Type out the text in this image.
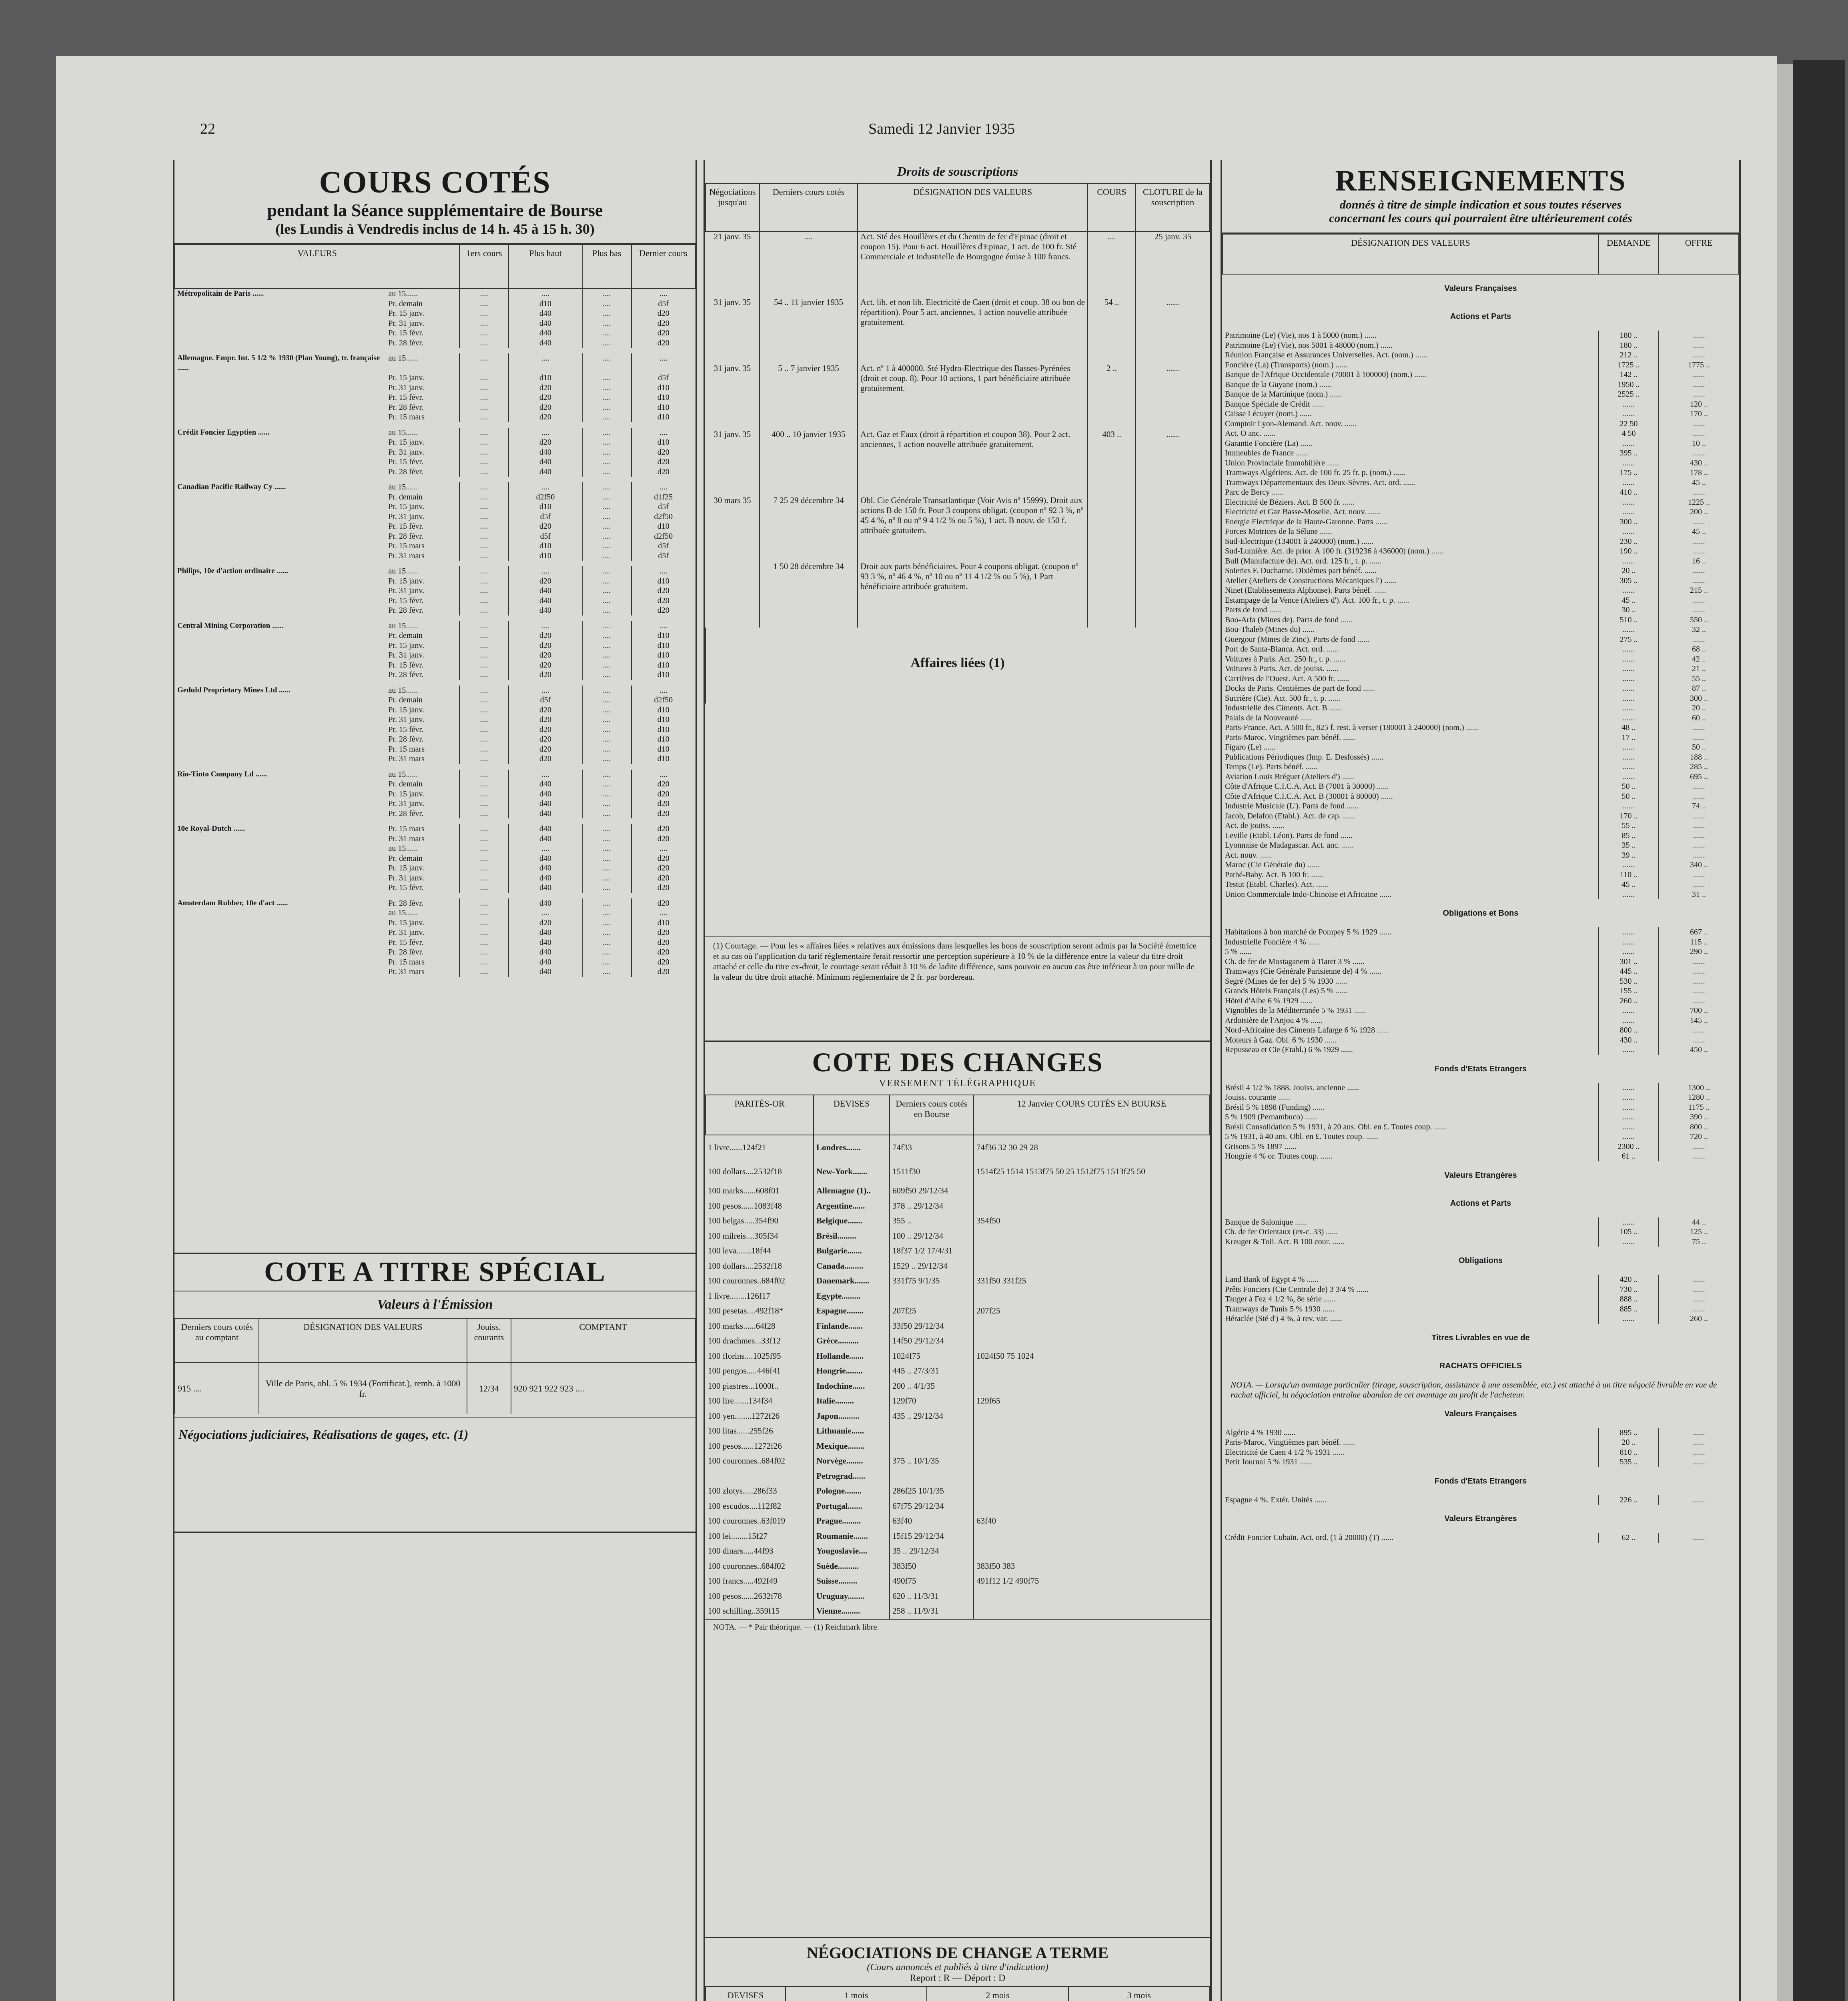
22	Samedi 12 Janvier 1935
COURS COTÉS
pendant la Séance supplémentaire de Bourse
(les Lundis à Vendredis inclus de 14 h. 45 à 15 h. 30)
VALEURS		1ers cours	Plus haut	Plus bas	Dernier cours
Métropolitain de Paris ......	au 15......	....	....	....	....
	Pr. demain	....	d10	....	d5f
	Pr. 15 janv.	....	d40	....	d20
	Pr. 31 janv.	....	d40	....	d20
	Pr. 15 févr.	....	d40	....	d20
	Pr. 28 févr.	....	d40	....	d20

Allemagne. Empr. Int. 5 1/2 % 1930 (Plan Young), tr. française ......	au 15......	....	....	....	....
	Pr. 15 janv.	....	d10	....	d5f
	Pr. 31 janv.	....	d20	....	d10
	Pr. 15 févr.	....	d20	....	d10
	Pr. 28 févr.	....	d20	....	d10
	Pr. 15 mars	....	d20	....	d10

Crédit Foncier Egyptien ......	au 15......	....	....	....	....
	Pr. 15 janv.	....	d20	....	d10
	Pr. 31 janv.	....	d40	....	d20
	Pr. 15 févr.	....	d40	....	d20
	Pr. 28 févr.	....	d40	....	d20

Canadian Pacific Railway Cy ......	au 15......	....	....	....	....
	Pr. demain	....	d2f50	....	d1f25
	Pr. 15 janv.	....	d10	....	d5f
	Pr. 31 janv.	....	d5f	....	d2f50
	Pr. 15 févr.	....	d20	....	d10
	Pr. 28 févr.	....	d5f	....	d2f50
	Pr. 15 mars	....	d10	....	d5f
	Pr. 31 mars	....	d10	....	d5f

Philips, 10e d'action ordinaire ......	au 15......	....	....	....	....
	Pr. 15 janv.	....	d20	....	d10
	Pr. 31 janv.	....	d40	....	d20
	Pr. 15 févr.	....	d40	....	d20
	Pr. 28 févr.	....	d40	....	d20

Central Mining Corporation ......	au 15......	....	....	....	....
	Pr. demain	....	d20	....	d10
	Pr. 15 janv.	....	d20	....	d10
	Pr. 31 janv.	....	d20	....	d10
	Pr. 15 févr.	....	d20	....	d10
	Pr. 28 févr.	....	d20	....	d10

Geduld Proprietary Mines Ltd ......	au 15......	....	....	....	....
	Pr. demain	....	d5f	....	d2f50
	Pr. 15 janv.	....	d20	....	d10
	Pr. 31 janv.	....	d20	....	d10
	Pr. 15 févr.	....	d20	....	d10
	Pr. 28 févr.	....	d20	....	d10
	Pr. 15 mars	....	d20	....	d10
	Pr. 31 mars	....	d20	....	d10

Rio-Tinto Company Ld ......	au 15......	....	....	....	....
	Pr. demain	....	d40	....	d20
	Pr. 15 janv.	....	d40	....	d20
	Pr. 31 janv.	....	d40	....	d20
	Pr. 28 févr.	....	d40	....	d20

10e Royal-Dutch ......	Pr. 15 mars	....	d40	....	d20
	Pr. 31 mars	....	d40	....	d20
	au 15......	....	....	....	....
	Pr. demain	....	d40	....	d20
	Pr. 15 janv.	....	d40	....	d20
	Pr. 31 janv.	....	d40	....	d20
	Pr. 15 févr.	....	d40	....	d20

Amsterdam Rubber, 10e d'act ......	Pr. 28 févr.	....	d40	....	d20
	au 15......	....	....	....	....
	Pr. 15 janv.	....	d20	....	d10
	Pr. 31 janv.	....	d40	....	d20
	Pr. 15 févr.	....	d40	....	d20
	Pr. 28 févr.	....	d40	....	d20
	Pr. 15 mars	....	d40	....	d20
	Pr. 31 mars	....	d40	....	d20

COTE A TITRE SPÉCIAL
Valeurs à l'Émission
Derniers cours cotés au comptant	DÉSIGNATION DES VALEURS	Jouiss. courants	COMPTANT
915 ....	Ville de Paris, obl. 5 % 1934 (Fortificat.), remb. à 1000 fr.	12/34	920 921 922 923 ....
Négociations judiciaires, Réalisations de gages, etc. (1)
Droits de souscriptions
Négociations jusqu'au	Derniers cours cotés	DÉSIGNATION DES VALEURS	COURS	CLOTURE de la souscription
21 janv. 35	....	Act. Sté des Houillères et du Chemin de fer d'Epinac (droit et coupon 15). Pour 6 act. Houillères d'Epinac, 1 act. de 100 fr. Sté Commerciale et Industrielle de Bourgogne émise à 100 francs.	....	25 janv. 35
31 janv. 35	54 .. 11 janvier 1935	Act. lib. et non lib. Electricité de Caen (droit et coup. 38 ou bon de répartition). Pour 5 act. anciennes, 1 action nouvelle attribuée gratuitement.	54 ..	......
31 janv. 35	5 .. 7 janvier 1935	Act. nº 1 à 400000. Sté Hydro-Electrique des Basses-Pyrénées (droit et coup. 8). Pour 10 actions, 1 part bénéficiaire attribuée gratuitement.	2 ..	......
31 janv. 35	400 .. 10 janvier 1935	Act. Gaz et Eaux (droit à répartition et coupon 38). Pour 2 act. anciennes, 1 action nouvelle attribuée gratuitement.	403 ..	......
30 mars 35	7 25 29 décembre 34	Obl. Cie Générale Transatlantique (Voir Avis nº 15999). Droit aux actions B de 150 fr. Pour 3 coupons obligat. (coupon nº 92 3 %, nº 45 4 %, nº 8 ou nº 9 4 1/2 % ou 5 %), 1 act. B nouv. de 150 f. attribuée gratuitem.		
	1 50 28 décembre 34	Droit aux parts bénéficiaires. Pour 4 coupons obligat. (coupon nº 93 3 %, nº 46 4 %, nº 10 ou nº 11 4 1/2 % ou 5 %), 1 Part bénéficiaire attribuée gratuitem.		
Affaires liées (1)
(1) Courtage. — Pour les « affaires liées » relatives aux émissions dans lesquelles les bons de souscription seront admis par la Société émettrice et au cas où l'application du tarif réglementaire ferait ressortir une perception supérieure à 10 % de la différence entre la valeur du titre droit attaché et celle du titre ex-droit, le courtage serait réduit à 10 % de ladite différence, sans pouvoir en aucun cas être inférieur à un pour mille de la valeur du titre droit attaché. Minimum réglementaire de 2 fr. par bordereau.
COTE DES CHANGES
VERSEMENT TÉLÉGRAPHIQUE
PARITÉS-OR	DEVISES	Derniers cours cotés en Bourse	12 Janvier COURS COTÉS EN BOURSE
1 livre......124f21	Londres.......	74f33	74f36 32 30 29 28
100 dollars....2532f18	New-York.......	1511f30	1514f25 1514 1513f75 50 25 1512f75 1513f25 50
100 marks......608f01	Allemagne (1)..	609f50 29/12/34	
100 pesos......1083f48	Argentine......	378 .. 29/12/34	
100 belgas.....354f90	Belgique.......	355 ..	354f50
100 milreis....305f34	Brésil.........	100 .. 29/12/34	
100 leva.......18f44	Bulgarie.......	18f37 1/2 17/4/31	
100 dollars....2532f18	Canada.........	1529 .. 29/12/34	
100 couronnes..684f02	Danemark.......	331f75 9/1/35	331f50 331f25
1 livre........126f17	Egypte.........		
100 pesetas....492f18*	Espagne........	207f25	207f25
100 marks......64f28	Finlande.......	33f50 29/12/34	
100 drachmes...33f12	Grèce..........	14f50 29/12/34	
100 florins....1025f95	Hollande.......	1024f75	1024f50 75 1024
100 pengos.....446f41	Hongrie........	445 .. 27/3/31	
100 piastres...1000f..	Indochine......	200 .. 4/1/35	
100 lire.......134f34	Italie.........	129f70	129f65
100 yen........1272f26	Japon..........	435 .. 29/12/34	
100 litas......255f26	Lithuanie......		
100 pesos......1272f26	Mexique........		
100 couronnes..684f02	Norvège........	375 .. 10/1/35	
	Petrograd......		
100 zlotys.....286f33	Pologne........	286f25 10/1/35	
100 escudos....112f82	Portugal.......	67f75 29/12/34	
100 couronnes..63f019	Prague.........	63f40	63f40
100 lei........15f27	Roumanie.......	15f15 29/12/34	
100 dinars.....44f93	Yougoslavie....	35 .. 29/12/34	
100 couronnes..684f02	Suède..........	383f50	383f50 383
100 francs.....492f49	Suisse.........	490f75	491f12 1/2 490f75
100 pesos......2632f78	Uruguay........	620 .. 11/3/31	
100 schilling..359f15	Vienne.........	258 .. 11/9/31	
NOTA. — * Pair théorique. — (1) Reichmark libre.
NÉGOCIATIONS DE CHANGE A TERME
(Cours annoncés et publiés à titre d'indication)
Report : R — Déport : D
DEVISES	1 mois	2 mois	3 mois

RENSEIGNEMENTS
donnés à titre de simple indication et sous toutes réserves
concernant les cours qui pourraient être ultérieurement cotés
DÉSIGNATION DES VALEURS	DEMANDE	OFFRE
Valeurs Françaises		
Actions et Parts		
Patrimoine (Le) (Vie), nos 1 à 5000 (nom.) ......	180 ..	......
Patrimoine (Le) (Vie), nos 5001 à 48000 (nom.) ......	180 ..	......
Réunion Française et Assurances Universelles. Act. (nom.) ......	212 ..	......
Foncière (La) (Transports) (nom.) ......	1725 ..	1775 ..
Banque de l'Afrique Occidentale (70001 à 100000) (nom.) ......	142 ..	......
Banque de la Guyane (nom.) ......	1950 ..	......
Banque de la Martinique (nom.) ......	2525 ..	......
Banque Spéciale de Crédit ......	......	120 ..
Caisse Lécuyer (nom.) ......	......	170 ..
Comptoir Lyon-Alemand. Act. nouv. ......	22 50	......
Act. O anc. ......	4 50	......
Garantie Foncière (La) ......	......	10 ..
Immeubles de France ......	395 ..	......
Union Provinciale Immobilière ......	......	430 ..
Tramways Algériens. Act. de 100 fr. 25 fr. p. (nom.) ......	175 ..	178 ..
Tramways Départementaux des Deux-Sèvres. Act. ord. ......	......	45 ..
Parc de Bercy ......	410 ..	......
Electricité de Béziers. Act. B 500 fr. ......	......	1225 ..
Electricité et Gaz Basse-Moselle. Act. nouv. ......	......	200 ..
Energie Electrique de la Haute-Garonne. Parts ......	300 ..	......
Forces Motrices de la Sélune ......	......	45 ..
Sud-Electrique (134001 à 240000) (nom.) ......	230 ..	......
Sud-Lumière. Act. de prior. A 100 fr. (319236 à 436000) (nom.) ......	190 ..	......
Bull (Manufacture de). Act. ord. 125 fr., t. p. ......	......	16 ..
Soieries F. Ducharne. Dixièmes part bénéf. ......	20 ..	......
Atelier (Ateliers de Constructions Mécaniques l') ......	305 ..	......
Ninet (Etablissements Alphonse). Parts bénéf. ......	......	215 ..
Estampage de la Vence (Ateliers d'). Act. 100 fr., t. p. ......	45 ..	......
Parts de fond ......	30 ..	......
Bou-Arfa (Mines de). Parts de fond ......	510 ..	550 ..
Bou-Thaleb (Mines du) ......	......	32 ..
Guergour (Mines de Zinc). Parts de fond ......	275 ..	......
Port de Santa-Blanca. Act. ord. ......	......	68 ..
Voitures à Paris. Act. 250 fr., t. p. ......	......	42 ..
Voitures à Paris. Act. de jouiss. ......	......	21 ..
Carrières de l'Ouest. Act. A 500 fr. ......	......	55 ..
Docks de Paris. Centièmes de part de fond ......	......	87 ..
Sucrière (Cie). Act. 500 fr., t. p. ......	......	300 ..
Industrielle des Ciments. Act. B ......	......	20 ..
Palais de la Nouveauté ......	......	60 ..
Paris-France. Act. A 500 fr., 825 f. rest. à verser (180001 à 240000) (nom.) ......	48 ..	......
Paris-Maroc. Vingtièmes part bénéf. ......	17 ..	......
Figaro (Le) ......	......	50 ..
Publications Périodiques (Imp. E. Desfossés) ......	......	188 ..
Temps (Le). Parts bénéf. ......	......	285 ..
Aviation Louis Bréguet (Ateliers d') ......	......	695 ..
Côte d'Afrique C.I.C.A. Act. B (7001 à 30000) ......	50 ..	......
Côte d'Afrique C.I.C.A. Act. B (30001 à 80000) ......	50 ..	......
Industrie Musicale (L'). Parts de fond ......	......	74 ..
Jacob, Delafon (Etabl.). Act. de cap. ......	170 ..	......
Act. de jouiss. ......	55 ..	......
Leville (Etabl. Léon). Parts de fond ......	85 ..	......
Lyonnaise de Madagascar. Act. anc. ......	35 ..	......
Act. nouv. ......	39 ..	......
Maroc (Cie Générale du) ......	......	340 ..
Pathé-Baby. Act. B 100 fr. ......	110 ..	......
Testut (Etabl. Charles). Act. ......	45 ..	......
Union Commerciale Indo-Chinoise et Africaine ......	......	31 ..
Obligations et Bons		
Habitations à bon marché de Pompey 5 % 1929 ......	......	667 ..
Industrielle Foncière 4 % ......	......	115 ..
5 % ......	......	290 ..
Ch. de fer de Mostaganem à Tiaret 3 % ......	301 ..	......
Tramways (Cie Générale Parisienne de) 4 % ......	445 ..	......
Segré (Mines de fer de) 5 % 1930 ......	530 ..	......
Grands Hôtels Français (Les) 5 % ......	155 ..	......
Hôtel d'Albe 6 % 1929 ......	260 ..	......
Vignobles de la Méditerranée 5 % 1931 ......	......	700 ..
Ardoisière de l'Anjou 4 % ......	......	145 ..
Nord-Africaine des Ciments Lafarge 6 % 1928 ......	800 ..	......
Moteurs à Gaz. Obl. 6 % 1930 ......	430 ..	......
Repusseau et Cie (Etabl.) 6 % 1929 ......	......	450 ..
Fonds d'Etats Etrangers		
Brésil 4 1/2 % 1888. Jouiss. ancienne ......	......	1300 ..
Jouiss. courante ......	......	1280 ..
Brésil 5 % 1898 (Funding) ......	......	1175 ..
5 % 1909 (Pernambuco) ......	......	390 ..
Brésil Consolidation 5 % 1931, à 20 ans. Obl. en £. Toutes coup. ......	......	800 ..
5 % 1931, à 40 ans. Obl. en £. Toutes coup. ......	......	720 ..
Grisons 5 % 1897 ......	2300 ..	......
Hongrie 4 % or. Toutes coup. ......	61 ..	......
Valeurs Etrangères		
Actions et Parts		
Banque de Salonique ......	......	44 ..
Ch. de fer Orientaux (ex-c. 33) ......	105 ..	125 ..
Kreuger & Toll. Act. B 100 cour. ......	......	75 ..
Obligations		
Land Bank of Egypt 4 % ......	420 ..	......
Prêts Fonciers (Cie Centrale de) 3 3/4 % ......	730 ..	......
Tanger à Fez 4 1/2 %, 8e série ......	888 ..	......
Tramways de Tunis 5 % 1930 ......	885 ..	......
Héraclée (Sté d') 4 %, à rev. var. ......	......	260 ..
Titres Livrables en vue de		
RACHATS OFFICIELS		
NOTA. — Lorsqu'un avantage particulier (tirage, souscription, assistance à une assemblée, etc.) est attaché à un titre négocié livrable en vue de rachat officiel, la négociation entraîne abandon de cet avantage au profit de l'acheteur.		
Valeurs Françaises		
Algérie 4 % 1930 ......	895 ..	......
Paris-Maroc. Vingtièmes part bénéf. ......	20 ..	......
Electricité de Caen 4 1/2 % 1931 ......	810 ..	......
Petit Journal 5 % 1931 ......	535 ..	......
Fonds d'Etats Etrangers		
Espagne 4 %. Extér. Unités ......	226 ..	......
Valeurs Etrangères		
Crédit Foncier Cubain. Act. ord. (1 à 20000) (T) ......	62 ..	......
